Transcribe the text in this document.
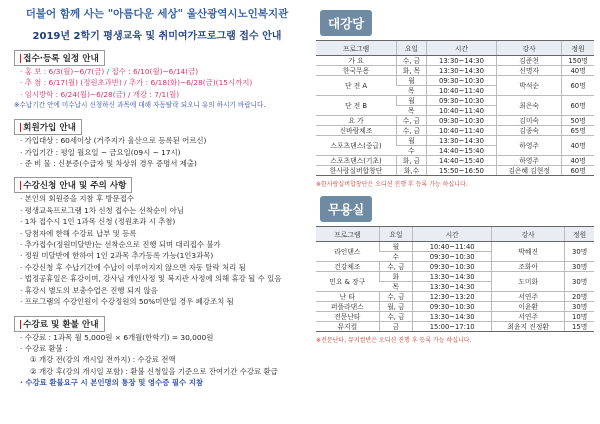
더불어 함께 사는 "아름다운 세상" 울산광역시노인복지관
2019년 2학기 평생교육 및 취미여가프로그램 접수 안내
|접수·등록 일정 안내
· 홍 보 : 6/3(월)~6/7(금) / 접수 : 6/10(월)~6/14(금)
· 추 첨 : 6/17(월) (정원초과반) / 추가 : 6/18(화)~6/28(금)(15시까지)
· 임시방학 : 6/24(월)~6/28(금) / 개강 : 7/1(월)
※수납기간 안에 미수납시 신청하신 과목에 대해 자동탈락 되오니 유의 하시기 바랍니다.
|회원가입 안내
· 가입대상 : 60세이상 (거주지가 울산으로 등록된 어르신)
· 가입기간 : 평일 월요일 ~ 금요일(09시 ~ 17시)
· 준 비 물 : 신분증(수급자 및 차상위 경우 증명서 제출)
|수강신청 안내 및 주의 사항
· 본인의 회원증을 지참 후 방문접수
· 평생교육프로그램 1차 신청 접수는 선착순이 아님
· 1차 접수시 1인 1과목 신청 (정원초과 시 추첨)
· 당첨자에 한해 수강료 납부 및 등록
· 추가접수(정원미달반)는 선착순으로 진행 되며 대리접수 불가
· 정원 미달반에 한하여 1인 2과목 추가등록 가능(1인3과목)
· 수강신청 후 수납기간에 수납이 이루어지지 않으면 자동 탈락 처리 됨
· 법정공휴일은 휴강이며, 강사님 개인사정 및 복지관 사정에 의해 휴강 될 수 있음
· 휴강시 별도의 보충수업은 진행 되지 않음
· 프로그램의 수강인원이 수강정원의 50%미만일 경우 폐강조치 됨
|수강료 및 환불 안내
· 수강료 : 1과목 월 5,000원 × 6개월(한학기) = 30,000원
· 수강료 환불 :
① 개강 전(강의 개시일 전까지) : 수강료 전액
② 개강 후(강의 개시일 포함) : 환불 신청일을 기준으로 잔여기간 수강료 환급
· 수강료 환불요구 시 본인명의 통장 및 영수증 필수 지참
대강당
프로그램	요일	시간	강사	정원
가 요	수, 금	13:30~14:30	김준천	150명
한국무용	화, 목	13:30~14:30	신명자	40명
단 전 A	월	09:30~10:30	박석순	60명
	목	10:40~11:40		
단 전 B	월	09:30~10:30	최은숙	60명
	목	10:40~11:40		
요 가	수, 금	09:30~10:30	김미숙	50명
신바람체조	수, 금	10:40~11:40	김종숙	65명
스포츠댄스(중급)	월	13:30~14:30	하영주	40명
	수	14:40~15:40		
스포츠댄스(기초)	화, 금	14:40~15:40	하영주	40명
한사랑실버합창단	화,수	15:50~16:50	김은혜 김현정	60명
※한사랑실버합창단은 오디션 진행 후 등록 가능 하십니다.
무용실
프로그램	요일	시간	강사	정원
라인댄스	월	10:40~11:40	박혜진	30명
	수	09:30~10:30		
건강체조	수, 금	09:30~10:30	조화아	30명
민요 & 장구	화	13:30~14:30	도미화	30명
	목	13:30~14:30		
난 타	수, 금	12:30~13:20	서연주	20명
퍼플라댄스	월, 금	09:30~10:30	이윤환	30명
전문난타	수, 금	13:30~14:30	서연주	10명
뮤지컬	금	15:00~17:10	최윤지 진정환	15명
※전문난타, 뮤지컬반은 오디션 진행 후 등록 가능 하십니다.
